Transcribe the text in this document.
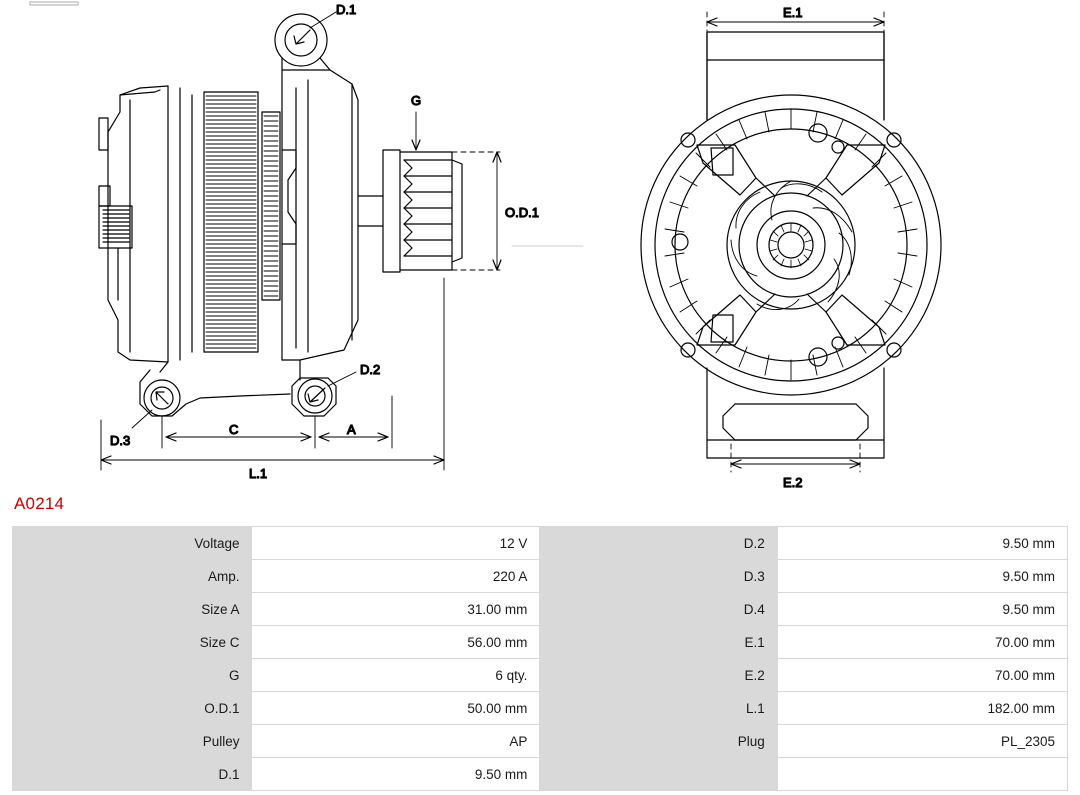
D.1
D.2
D.3
G
O.D.1
C	A
L.1
E.1
E.2
A0214
Voltage	12 V	D.2	9.50 mm
Amp.	220 A	D.3	9.50 mm
Size A	31.00 mm	D.4	9.50 mm
Size C	56.00 mm	E.1	70.00 mm
G	6 qty.	E.2	70.00 mm
O.D.1	50.00 mm	L.1	182.00 mm
Pulley	AP	Plug	PL_2305
D.1	9.50 mm		
